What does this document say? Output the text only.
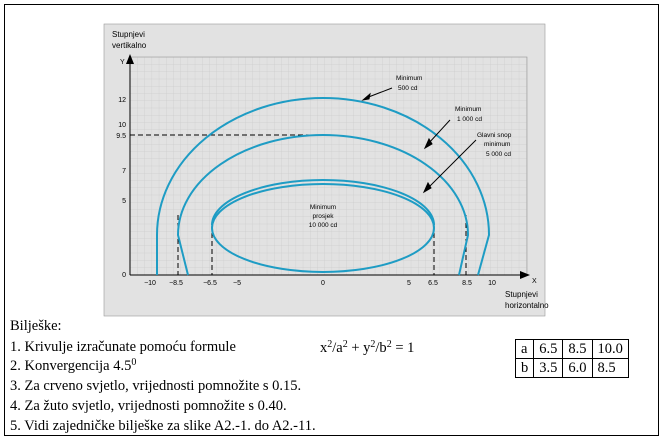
Stupnjevi
vertikalno
Y
X
Stupnjevi
horizontalno
12
10
9.5
7
5
0
−10 −8.5	−6.5 −5	0	5 6.5	8.5 10
Minimum
500 cd
Minimum
1 000 cd
Glavni snop
minimum
5 000 cd
Minimum
prosjek
10 000 cd
Bilješke:
1. Krivulje izračunate pomoću formule
2. Konvergencija $4.5^0$
3. Za crveno svjetlo, vrijednosti pomnožite s 0.15.
4. Za žuto svjetlo, vrijednosti pomnožite s 0.40.
5. Vidi zajedničke bilješke za slike A2.-1. do A2.-11.
$x^2/a^2 + y^2/b^2 = 1$	a	6.5	8.5	10.0
b	3.5	6.0	8.5
